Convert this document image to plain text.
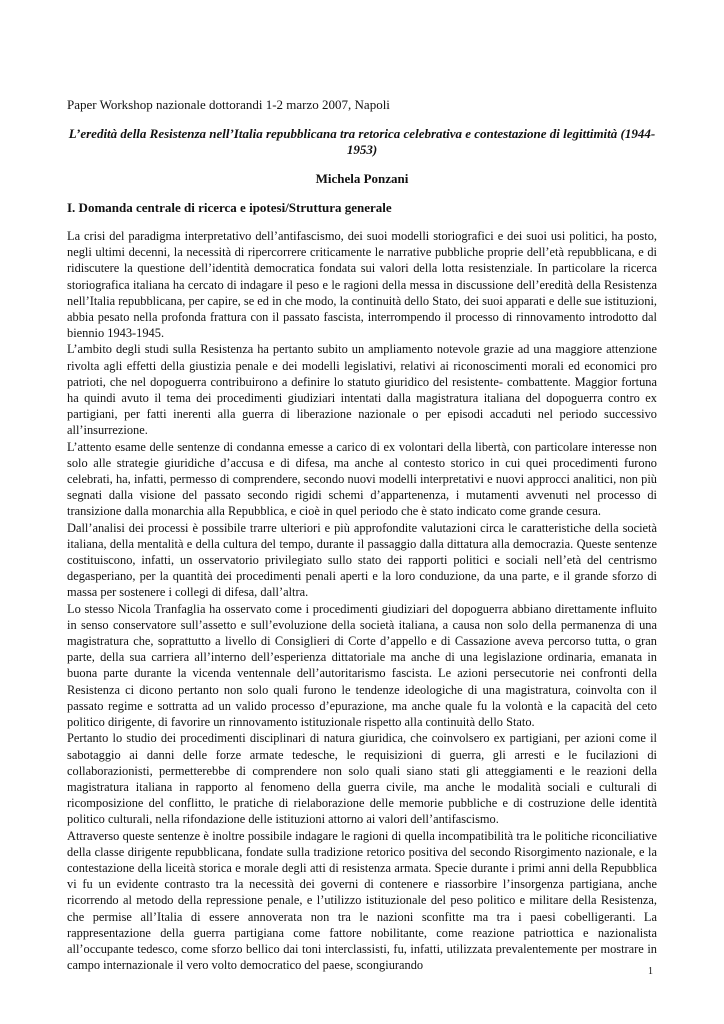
Paper Workshop nazionale dottorandi 1-2 marzo 2007, Napoli

L’eredità della Resistenza nell’Italia repubblicana tra retorica celebrativa e contestazione di legittimità (1944-1953)

Michela Ponzani

I. Domanda centrale di ricerca e ipotesi/Struttura generale

La crisi del paradigma interpretativo dell’antifascismo, dei suoi modelli storiografici e dei suoi usi politici, ha posto, negli ultimi decenni, la necessità di ripercorrere criticamente le narrative pubbliche proprie dell’età repubblicana, e di ridiscutere la questione dell’identità democratica fondata sui valori della lotta resistenziale. In particolare la ricerca storiografica italiana ha cercato di indagare il peso e le ragioni della messa in discussione dell’eredità della Resistenza nell’Italia repubblicana, per capire, se ed in che modo, la continuità dello Stato, dei suoi apparati e delle sue istituzioni, abbia pesato nella profonda frattura con il passato fascista, interrompendo il processo di rinnovamento introdotto dal biennio 1943-1945.

L’ambito degli studi sulla Resistenza ha pertanto subito un ampliamento notevole grazie ad una maggiore attenzione rivolta agli effetti della giustizia penale e dei modelli legislativi, relativi ai riconoscimenti morali ed economici pro patrioti, che nel dopoguerra contribuirono a definire lo statuto giuridico del resistente- combattente. Maggior fortuna ha quindi avuto il tema dei procedimenti giudiziari intentati dalla magistratura italiana del dopoguerra contro ex partigiani, per fatti inerenti alla guerra di liberazione nazionale o per episodi accaduti nel periodo successivo all’insurrezione.

L’attento esame delle sentenze di condanna emesse a carico di ex volontari della libertà, con particolare interesse non solo alle strategie giuridiche d’accusa e di difesa, ma anche al contesto storico in cui quei procedimenti furono celebrati, ha, infatti, permesso di comprendere, secondo nuovi modelli interpretativi e nuovi approcci analitici, non più segnati dalla visione del passato secondo rigidi schemi d’appartenenza, i mutamenti avvenuti nel processo di transizione dalla monarchia alla Repubblica, e cioè in quel periodo che è stato indicato come grande cesura.

Dall’analisi dei processi è possibile trarre ulteriori e più approfondite valutazioni circa le caratteristiche della società italiana, della mentalità e della cultura del tempo, durante il passaggio dalla dittatura alla democrazia. Queste sentenze costituiscono, infatti, un osservatorio privilegiato sullo stato dei rapporti politici e sociali nell’età del centrismo degasperiano, per la quantità dei procedimenti penali aperti e la loro conduzione, da una parte, e il grande sforzo di massa per sostenere i collegi di difesa, dall’altra.

Lo stesso Nicola Tranfaglia ha osservato come i procedimenti giudiziari del dopoguerra abbiano direttamente influito in senso conservatore sull’assetto e sull’evoluzione della società italiana, a causa non solo della permanenza di una magistratura che, soprattutto a livello di Consiglieri di Corte d’appello e di Cassazione aveva percorso tutta, o gran parte, della sua carriera all’interno dell’esperienza dittatoriale ma anche di una legislazione ordinaria, emanata in buona parte durante la vicenda ventennale dell’autoritarismo fascista. Le azioni persecutorie nei confronti della Resistenza ci dicono pertanto non solo quali furono le tendenze ideologiche di una magistratura, coinvolta con il passato regime e sottratta ad un valido processo d’epurazione, ma anche quale fu la volontà e la capacità del ceto politico dirigente, di favorire un rinnovamento istituzionale rispetto alla continuità dello Stato.

Pertanto lo studio dei procedimenti disciplinari di natura giuridica, che coinvolsero ex partigiani, per azioni come il sabotaggio ai danni delle forze armate tedesche, le requisizioni di guerra, gli arresti e le fucilazioni di collaborazionisti, permetterebbe di comprendere non solo quali siano stati gli atteggiamenti e le reazioni della magistratura italiana in rapporto al fenomeno della guerra civile, ma anche le modalità sociali e culturali di ricomposizione del conflitto, le pratiche di rielaborazione delle memorie pubbliche e di costruzione delle identità politico culturali, nella rifondazione delle istituzioni attorno ai valori dell’antifascismo.

Attraverso queste sentenze è inoltre possibile indagare le ragioni di quella incompatibilità tra le politiche riconciliative della classe dirigente repubblicana, fondate sulla tradizione retorico positiva del secondo Risorgimento nazionale, e la contestazione della liceità storica e morale degli atti di resistenza armata. Specie durante i primi anni della Repubblica vi fu un evidente contrasto tra la necessità dei governi di contenere e riassorbire l’insorgenza partigiana, anche ricorrendo al metodo della repressione penale, e l’utilizzo istituzionale del peso politico e militare della Resistenza, che permise all’Italia di essere annoverata non tra le nazioni sconfitte ma tra i paesi cobelligeranti. La rappresentazione della guerra partigiana come fattore nobilitante, come reazione patriottica e nazionalista all’occupante tedesco, come sforzo bellico dai toni interclassisti, fu, infatti, utilizzata prevalentemente per mostrare in campo internazionale il vero volto democratico del paese, scongiurando	1
